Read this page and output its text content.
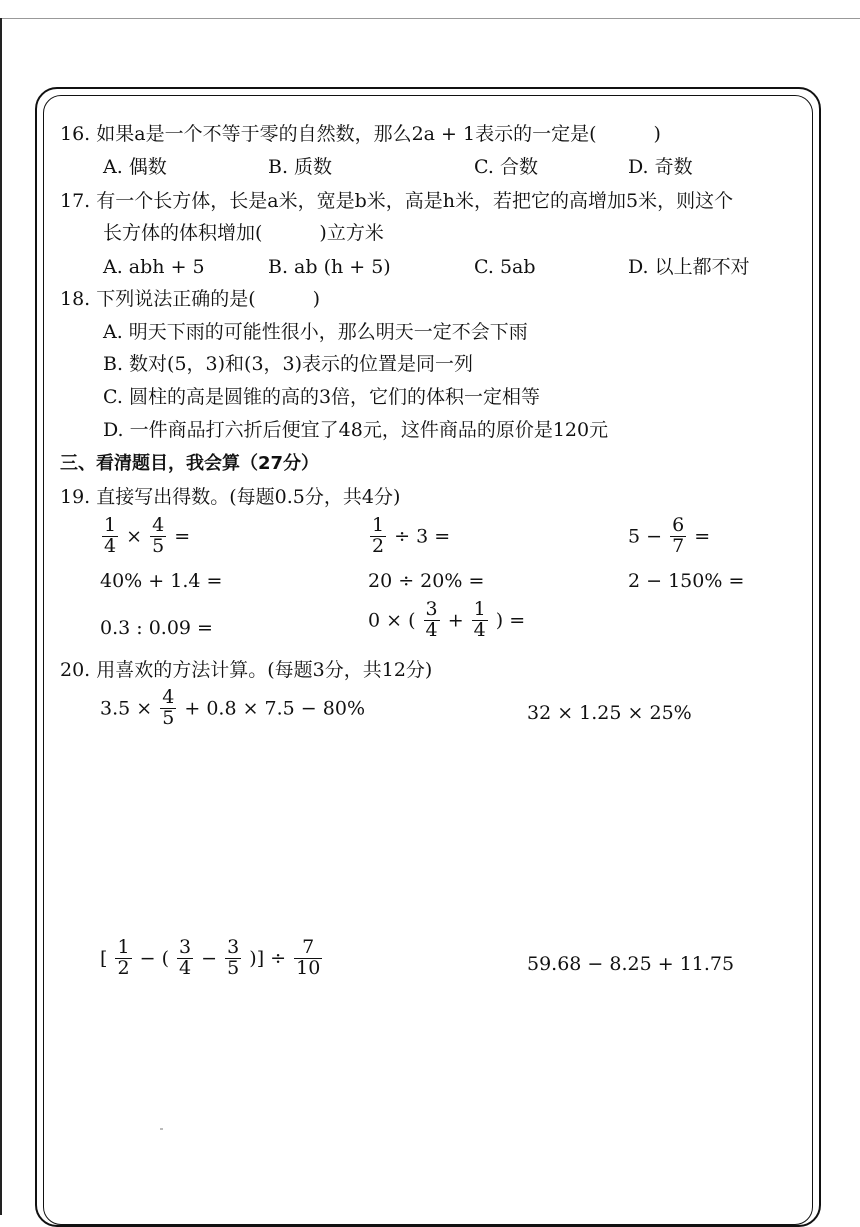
16. 如果a是一个不等于零的自然数，那么2a + 1表示的一定是(　　　)
A. 偶数	B. 质数	C. 合数	D. 奇数
17. 有一个长方体，长是a米，宽是b米，高是h米，若把它的高增加5米，则这个
长方体的体积增加(　　　)立方米
A. abh + 5	B. ab (h + 5)	C. 5ab	D. 以上都不对
18. 下列说法正确的是(　　　)
A. 明天下雨的可能性很小，那么明天一定不会下雨
B. 数对(5，3)和(3，3)表示的位置是同一列
C. 圆柱的高是圆锥的高的3倍，它们的体积一定相等
D. 一件商品打六折后便宜了48元，这件商品的原价是120元
三、看清题目，我会算（27分）
19. 直接写出得数。(每题0.5分，共4分)
$\frac{1}{4} \times \frac{4}{5}$ =	$\frac{1}{2} \div 3$ =	$5 - \frac{6}{7}$ =
40% + 1.4 =	20 ÷ 20% =	2 − 150% =
0.3 : 0.09 =	0 × ( $\frac{3}{4} + \frac{1}{4}$ ) =
20. 用喜欢的方法计算。(每题3分，共12分)
$3.5 \times \frac{4}{5} + 0.8 \times 7.5 - 80\%$	32 × 1.25 × 25%
[ $\frac{1}{2}$ − ( $\frac{3}{4} - \frac{3}{5}$ )] ÷ $\frac{7}{10}$	59.68 − 8.25 + 11.75
